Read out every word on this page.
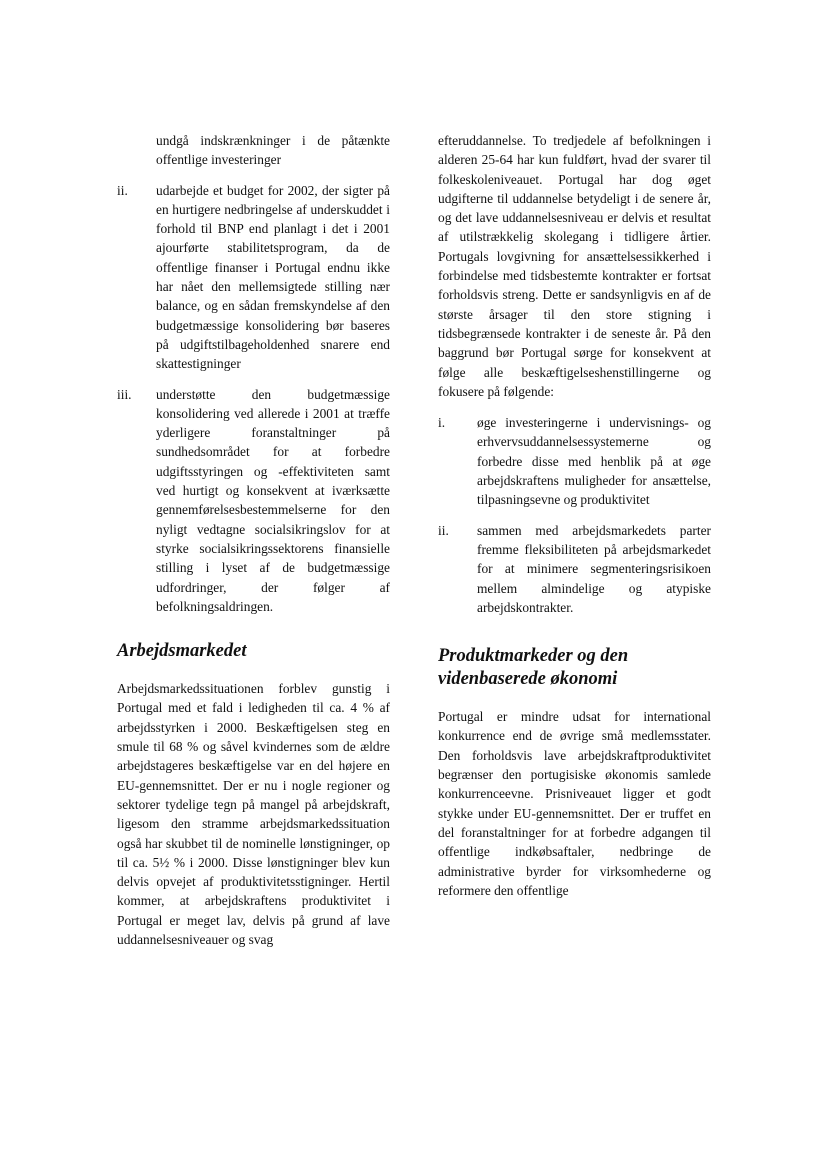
undgå indskrænkninger i de påtænkte offentlige investeringer

ii.	udarbejde et budget for 2002, der sigter på en hurtigere nedbringelse af underskuddet i forhold til BNP end planlagt i det i 2001 ajourførte stabilitetsprogram, da de offentlige finanser i Portugal endnu ikke har nået den mellemsigtede stilling nær balance, og en sådan fremskyndelse af den budgetmæssige konsolidering bør baseres på udgiftstilbageholdenhed snarere end skattestigninger

iii.	understøtte den budgetmæssige konsolidering ved allerede i 2001 at træffe yderligere foranstaltninger på sundhedsområdet for at forbedre udgiftsstyringen og -effektiviteten samt ved hurtigt og konsekvent at iværksætte gennemførelsesbestemmelserne for den nyligt vedtagne socialsikringslov for at styrke socialsikringssektorens finansielle stilling i lyset af de budgetmæssige udfordringer, der følger af befolkningsaldringen.

Arbejdsmarkedet

Arbejdsmarkedssituationen forblev gunstig i Portugal med et fald i ledigheden til ca. 4 % af arbejdsstyrken i 2000. Beskæftigelsen steg en smule til 68 % og såvel kvindernes som de ældre arbejdstageres beskæftigelse var en del højere en EU-gennemsnittet. Der er nu i nogle regioner og sektorer tydelige tegn på mangel på arbejdskraft, ligesom den stramme arbejdsmarkedssituation også har skubbet til de nominelle lønstigninger, op til ca. 5½ % i 2000. Disse lønstigninger blev kun delvis opvejet af produktivitetsstigninger. Hertil kommer, at arbejdskraftens produktivitet i Portugal er meget lav, delvis på grund af lave uddannelsesniveauer og svag

efteruddannelse. To tredjedele af befolkningen i alderen 25-64 har kun fuldført, hvad der svarer til folkeskoleniveauet. Portugal har dog øget udgifterne til uddannelse betydeligt i de senere år, og det lave uddannelsesniveau er delvis et resultat af utilstrækkelig skolegang i tidligere årtier. Portugals lovgivning for ansættelsessikkerhed i forbindelse med tidsbestemte kontrakter er fortsat forholdsvis streng. Dette er sandsynligvis en af de største årsager til den store stigning i tidsbegrænsede kontrakter i de seneste år. På den baggrund bør Portugal sørge for konsekvent at følge alle beskæftigelseshenstillingerne og fokusere på følgende:

i.	øge investeringerne i undervisnings- og erhvervsuddannelsessystemerne og forbedre disse med henblik på at øge arbejdskraftens muligheder for ansættelse, tilpasningsevne og produktivitet

ii.	sammen med arbejdsmarkedets parter fremme fleksibiliteten på arbejdsmarkedet for at minimere segmenteringsrisikoen mellem almindelige og atypiske arbejdskontrakter.

Produktmarkeder og den videnbaserede økonomi

Portugal er mindre udsat for international konkurrence end de øvrige små medlemsstater. Den forholdsvis lave arbejdskraftproduktivitet begrænser den portugisiske økonomis samlede konkurrenceevne. Prisniveauet ligger et godt stykke under EU-gennemsnittet. Der er truffet en del foranstaltninger for at forbedre adgangen til offentlige indkøbsaftaler, nedbringe de administrative byrder for virksomhederne og reformere den offentlige
